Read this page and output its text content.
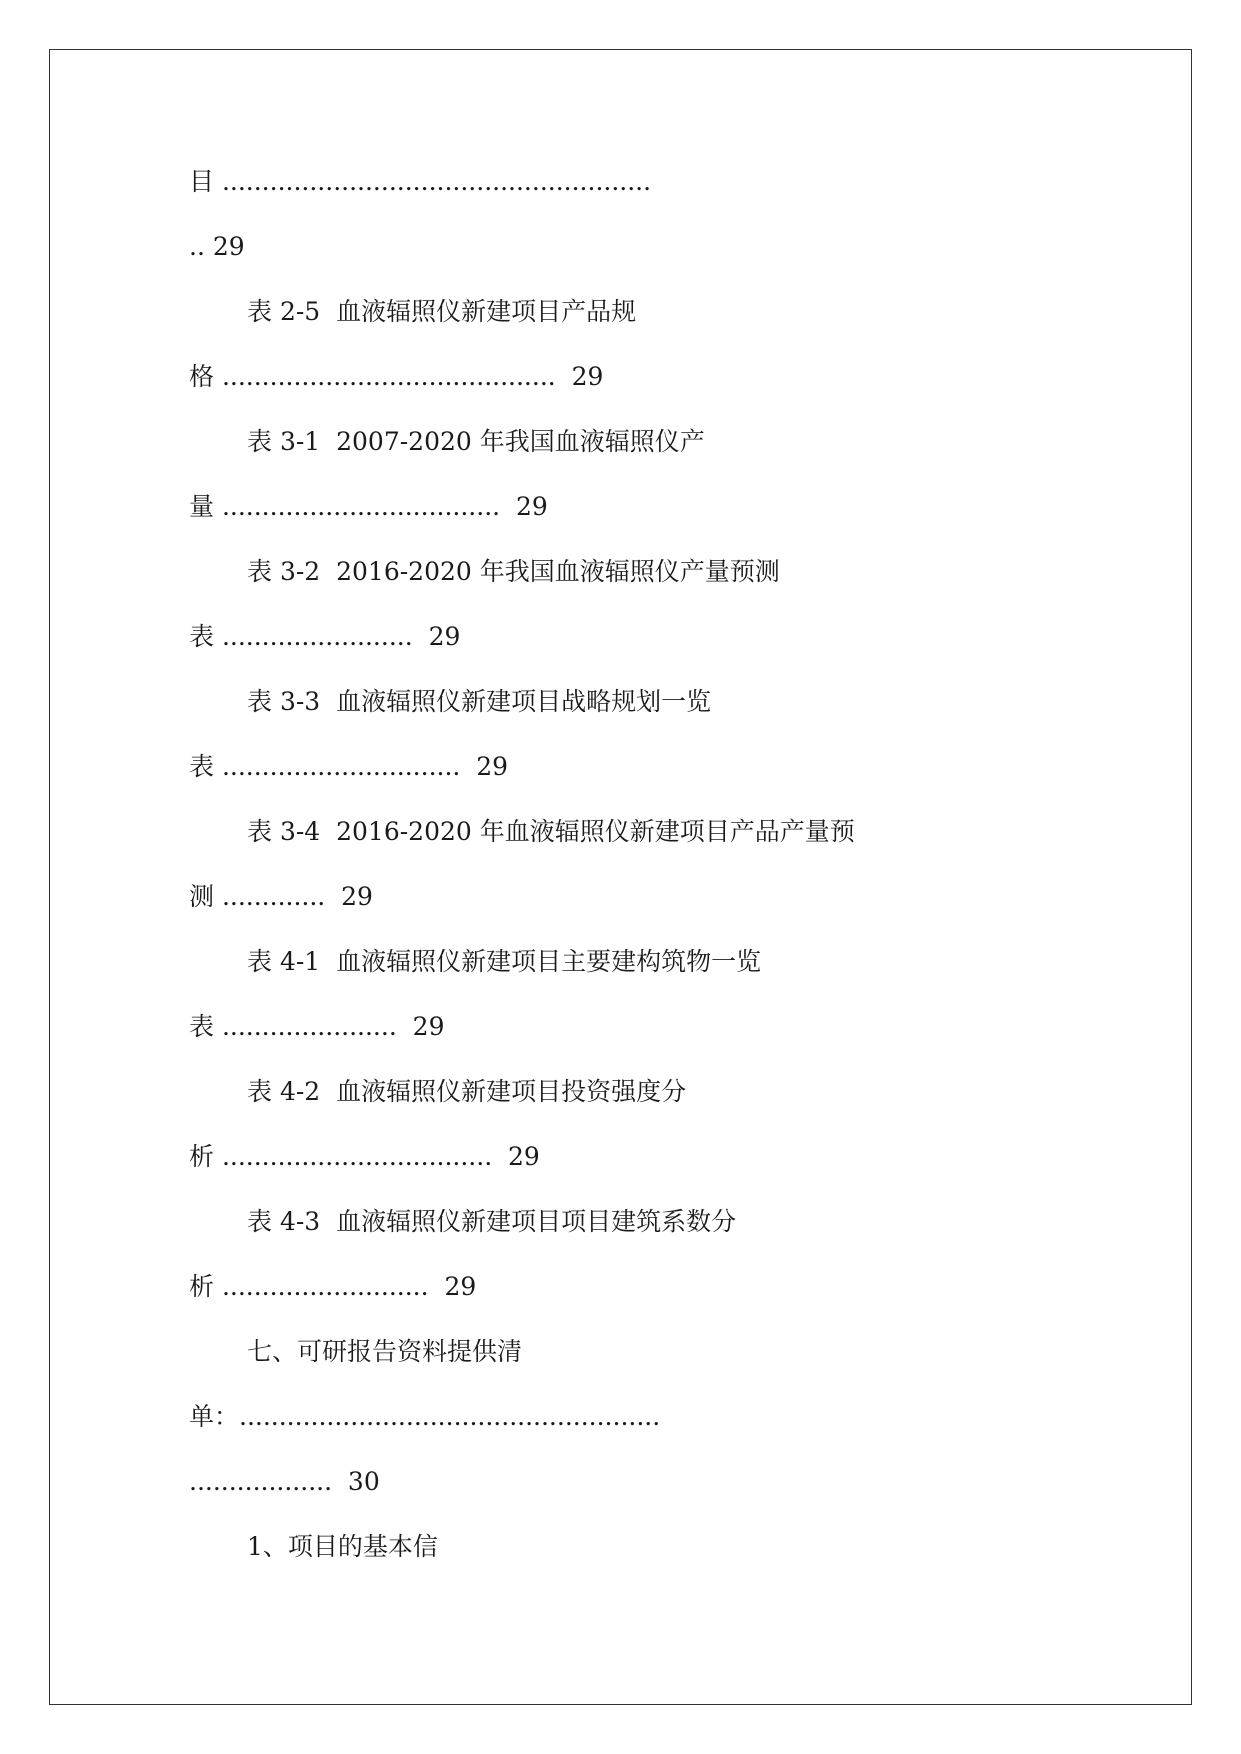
目 ......................................................
.. 29
表 2-5  血液辐照仪新建项目产品规
格 ..........................................  29
表 3-1  2007-2020 年我国血液辐照仪产
量 ...................................  29
表 3-2  2016-2020 年我国血液辐照仪产量预测
表 ........................  29
表 3-3  血液辐照仪新建项目战略规划一览
表 ..............................  29
表 3-4  2016-2020 年血液辐照仪新建项目产品产量预
测 .............  29
表 4-1  血液辐照仪新建项目主要建构筑物一览
表 ......................  29
表 4-2  血液辐照仪新建项目投资强度分
析 ..................................  29
表 4-3  血液辐照仪新建项目项目建筑系数分
析 ..........................  29
七、可研报告资料提供清
单：.....................................................
..................  30
1、项目的基本信
